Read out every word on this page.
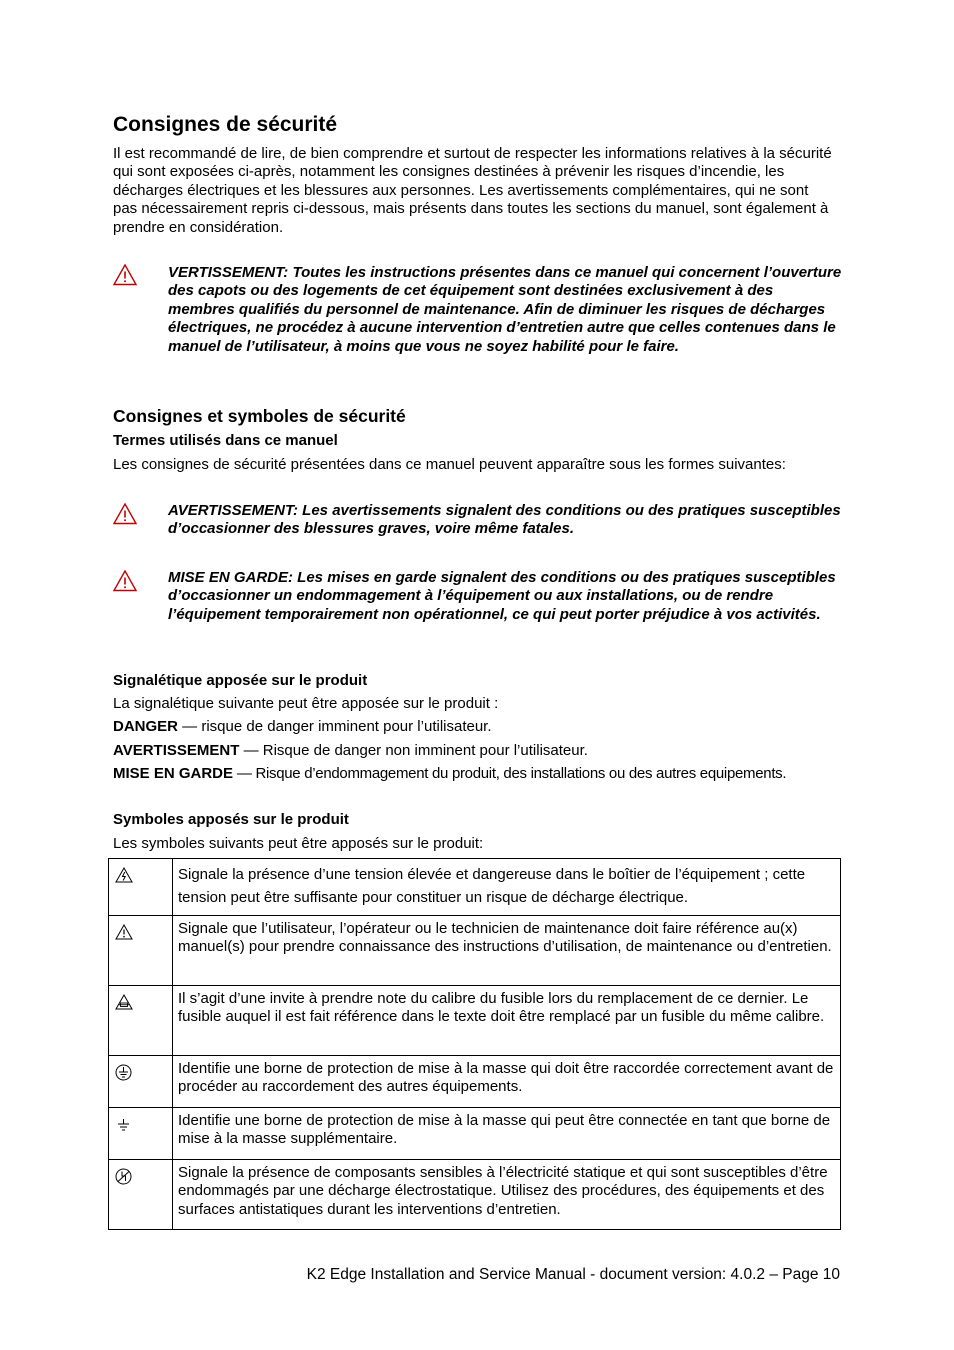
Consignes de sécurité

Il est recommandé de lire, de bien comprendre et surtout de respecter les informations relatives à la sécurité qui sont exposées ci-après, notamment les consignes destinées à prévenir les risques d’incendie, les décharges électriques et les blessures aux personnes. Les avertissements complémentaires, qui ne sont pas nécessairement repris ci-dessous, mais présents dans toutes les sections du manuel, sont également à prendre en considération.

VERTISSEMENT: Toutes les instructions présentes dans ce manuel qui concernent l’ouverture des capots ou des logements de cet équipement sont destinées exclusivement à des membres qualifiés du personnel de maintenance. Afin de diminuer les risques de décharges électriques, ne procédez à aucune intervention d’entretien autre que celles contenues dans le manuel de l’utilisateur, à moins que vous ne soyez habilité pour le faire.

Consignes et symboles de sécurité
Termes utilisés dans ce manuel

Les consignes de sécurité présentées dans ce manuel peuvent apparaître sous les formes suivantes:

AVERTISSEMENT: Les avertissements signalent des conditions ou des pratiques susceptibles d’occasionner des blessures graves, voire même fatales.

MISE EN GARDE: Les mises en garde signalent des conditions ou des pratiques susceptibles d’occasionner un endommagement à l’équipement ou aux installations, ou de rendre l’équipement temporairement non opérationnel, ce qui peut porter préjudice à vos activités.

Signalétique apposée sur le produit

La signalétique suivante peut être apposée sur le produit :

DANGER — risque de danger imminent pour l’utilisateur.

AVERTISSEMENT — Risque de danger non imminent pour l’utilisateur.

MISE EN GARDE — Risque d’endommagement du produit, des installations ou des autres equipements.

Symboles apposés sur le produit

Les symboles suivants peut être apposés sur le produit:

	Signale la présence d’une tension élevée et dangereuse dans le boîtier de l’équipement ; cette tension peut être suffisante pour constituer un risque de décharge électrique.
	Signale que l’utilisateur, l’opérateur ou le technicien de maintenance doit faire référence au(x) manuel(s) pour prendre connaissance des instructions d’utilisation, de maintenance ou d’entretien.
	Il s’agit d’une invite à prendre note du calibre du fusible lors du remplacement de ce dernier. Le fusible auquel il est fait référence dans le texte doit être remplacé par un fusible du même calibre.
	Identifie une borne de protection de mise à la masse qui doit être raccordée correctement avant de procéder au raccordement des autres équipements.
	Identifie une borne de protection de mise à la masse qui peut être connectée en tant que borne de mise à la masse supplémentaire.
	Signale la présence de composants sensibles à l’électricité statique et qui sont susceptibles d’être endommagés par une décharge électrostatique. Utilisez des procédures, des équipements et des surfaces antistatiques durant les interventions d’entretien.
K2 Edge Installation and Service Manual - document version: 4.0.2 – Page 10
